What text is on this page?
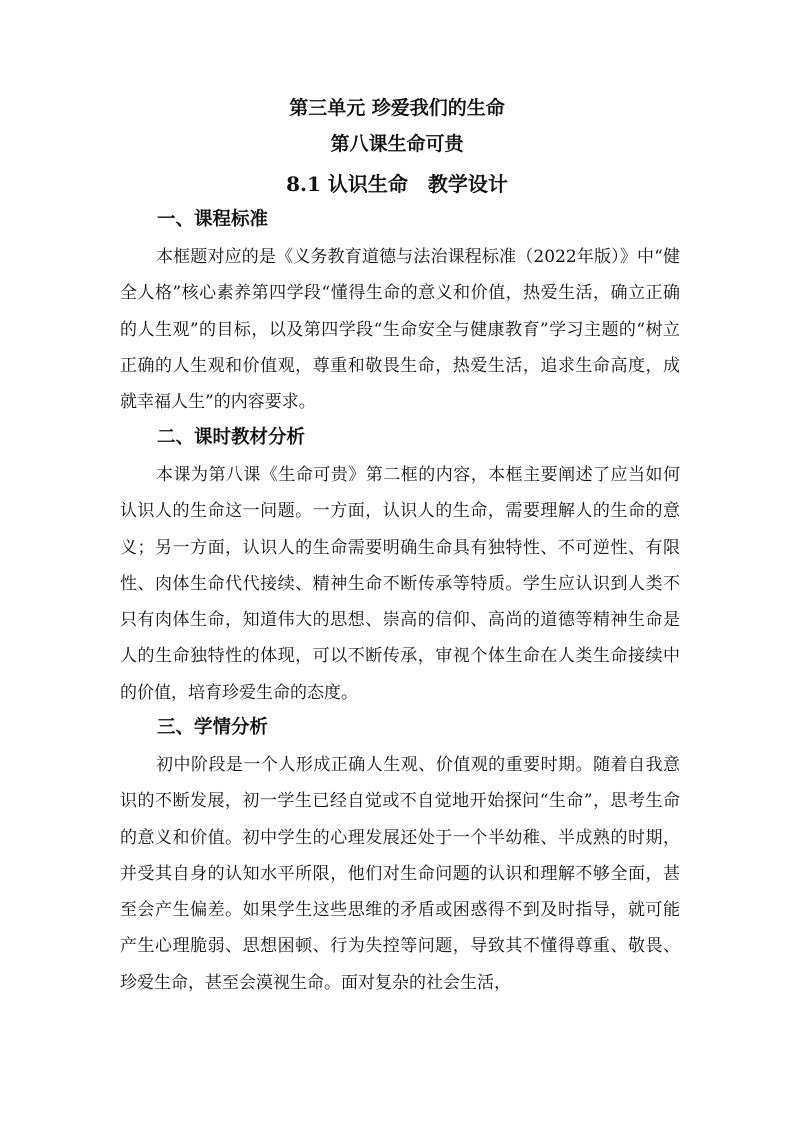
第三单元 珍爱我们的生命
第八课生命可贵
8.1 认识生命　教学设计
一、课程标准

本框题对应的是《义务教育道德与法治课程标准（2022年版）》中“健全人格”核心素养第四学段“懂得生命的意义和价值，热爱生活，确立正确的人生观”的目标，以及第四学段“生命安全与健康教育”学习主题的“树立正确的人生观和价值观，尊重和敬畏生命，热爱生活，追求生命高度，成就幸福人生”的内容要求。

二、课时教材分析

本课为第八课《生命可贵》第二框的内容，本框主要阐述了应当如何认识人的生命这一问题。一方面，认识人的生命，需要理解人的生命的意义；另一方面，认识人的生命需要明确生命具有独特性、不可逆性、有限性、肉体生命代代接续、精神生命不断传承等特质。学生应认识到人类不只有肉体生命，知道伟大的思想、崇高的信仰、高尚的道德等精神生命是人的生命独特性的体现，可以不断传承，审视个体生命在人类生命接续中的价值，培育珍爱生命的态度。

三、学情分析

初中阶段是一个人形成正确人生观、价值观的重要时期。随着自我意识的不断发展，初一学生已经自觉或不自觉地开始探问“生命”，思考生命的意义和价值。初中学生的心理发展还处于一个半幼稚、半成熟的时期，并受其自身的认知水平所限，他们对生命问题的认识和理解不够全面，甚至会产生偏差。如果学生这些思维的矛盾或困惑得不到及时指导，就可能产生心理脆弱、思想困顿、行为失控等问题，导致其不懂得尊重、敬畏、珍爱生命，甚至会漠视生命。面对复杂的社会生活，
